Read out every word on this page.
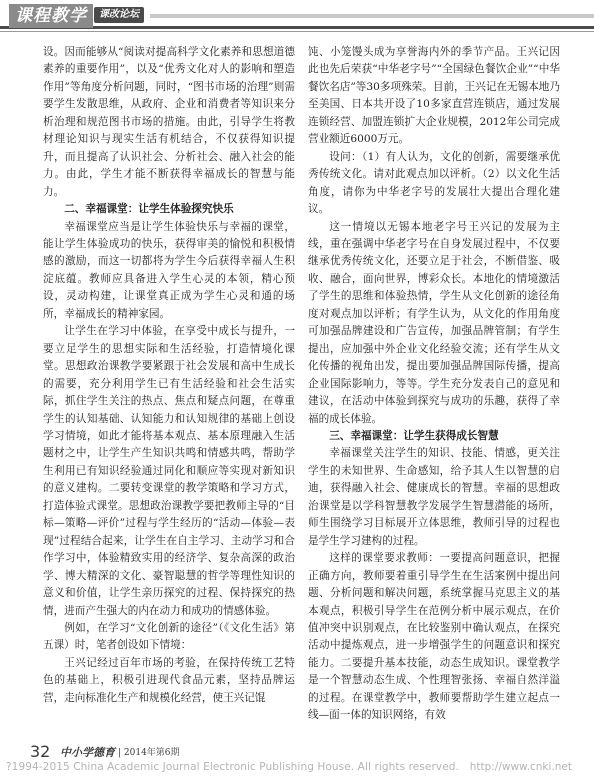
课程教学	课改论坛

设。因而能够从“阅读对提高科学文化素养和思想道德素养的重要作用”，以及“优秀文化对人的影响和塑造作用”等角度分析问题，同时，“图书市场的治理”则需要学生发散思维，从政府、企业和消费者等知识来分析治理和规范图书市场的措施。由此，引导学生将教材理论知识与现实生活有机结合，不仅获得知识提升，而且提高了认识社会、分析社会、融入社会的能力。由此，学生才能不断获得幸福成长的智慧与能力。

二、幸福课堂：让学生体验探究快乐

幸福课堂应当是让学生体验快乐与幸福的课堂，能让学生体验成功的快乐，获得审美的愉悦和积极情感的激励，而这一切都将为学生今后获得幸福人生积淀底蕴。教师应具备进入学生心灵的本领，精心预设，灵动构建，让课堂真正成为学生心灵和通的场所，幸福成长的精神家园。

让学生在学习中体验，在享受中成长与提升，一要立足学生的思想实际和生活经验，打造情境化课堂。思想政治课教学要紧跟于社会发展和高中生成长的需要，充分利用学生已有生活经验和社会生活实际，抓住学生关注的热点、焦点和疑点问题，在尊重学生的认知基础、认知能力和认知规律的基础上创设学习情境，如此才能将基本观点、基本原理融入生活题材之中，让学生产生知识共鸣和情感共鸣，帮助学生利用已有知识经验通过同化和顺应等实现对新知识的意义建构。二要转变课堂的教学策略和学习方式，打造体验式课堂。思想政治课教学要把教师主导的“目标—策略—评价”过程与学生经历的“活动—体验—表现”过程结合起来，让学生在自主学习、主动学习和合作学习中，体验精致实用的经济学、复杂高深的政治学、博大精深的文化、豪智聪慧的哲学等理性知识的意义和价值，让学生亲历探究的过程、保持探究的热情，进而产生强大的内在动力和成功的情感体验。

例如，在学习“文化创新的途径”（《文化生活》第五课）时，笔者创设如下情境：

王兴记经过百年市场的考验，在保持传统工艺特色的基础上，积极引进现代食品元素，坚持品牌运营，走向标准化生产和规模化经营，使王兴记馄

饨、小笼馒头成为享誉海内外的季节产品。王兴记因此也先后荣获“中华老字号”“全国绿色餐饮企业”“中华餐饮名店”等30多项殊荣。目前，王兴记在无锡本地乃至美国、日本共开设了10多家直营连锁店，通过发展连锁经营、加盟连锁扩大企业规模，2012年公司完成营业额近6000万元。

设问：（1）有人认为，文化的创新，需要继承优秀传统文化。请对此观点加以评析。（2）以文化生活角度，请你为中华老字号的发展壮大提出合理化建议。

这一情境以无锡本地老字号王兴记的发展为主线，重在强调中华老字号在自身发展过程中，不仅要继承优秀传统文化，还要立足于社会，不断借鉴、吸收、融合，面向世界，博彩众长。本地化的情境激活了学生的思维和体验热情，学生从文化创新的途径角度对观点加以评析；有学生认为，从文化的作用角度可加强品牌建设和广告宣传，加强品牌管制；有学生提出，应加强中外企业文化经验交流；还有学生从文化传播的视角出发，提出要加强品牌国际传播，提高企业国际影响力，等等。学生充分发表自己的意见和建议，在活动中体验到探究与成功的乐趣，获得了幸福的成长体验。

三、幸福课堂：让学生获得成长智慧

幸福课堂关注学生的知识、技能、情感，更关注学生的未知世界、生命感知，给予其人生以智慧的启迪，获得融入社会、健康成长的智慧。幸福的思想政治课堂是以学科智慧教学发展学生智慧潜能的场所，师生围绕学习目标展开立体思维，教师引导的过程也是学生学习建构的过程。

这样的课堂要求教师：一要提高问题意识，把握正确方向，教师要着重引导学生在生活案例中提出问题、分析问题和解决问题，系统掌握马克思主义的基本观点，积极引导学生在范例分析中展示观点，在价值冲突中识别观点，在比较鉴别中确认观点，在探究活动中提炼观点，进一步增强学生的问题意识和探究能力。二要提升基本技能，动态生成知识。课堂教学是一个智慧动态生成、个性理智张扬、幸福自然洋溢的过程。在课堂教学中，教师要帮助学生建立起点一线—面一体的知识网络，有效

32 中小学德育 | 2014年第6期
?1994-2015 China Academic Journal Electronic Publishing House. All rights reserved. http://www.cnki.net
